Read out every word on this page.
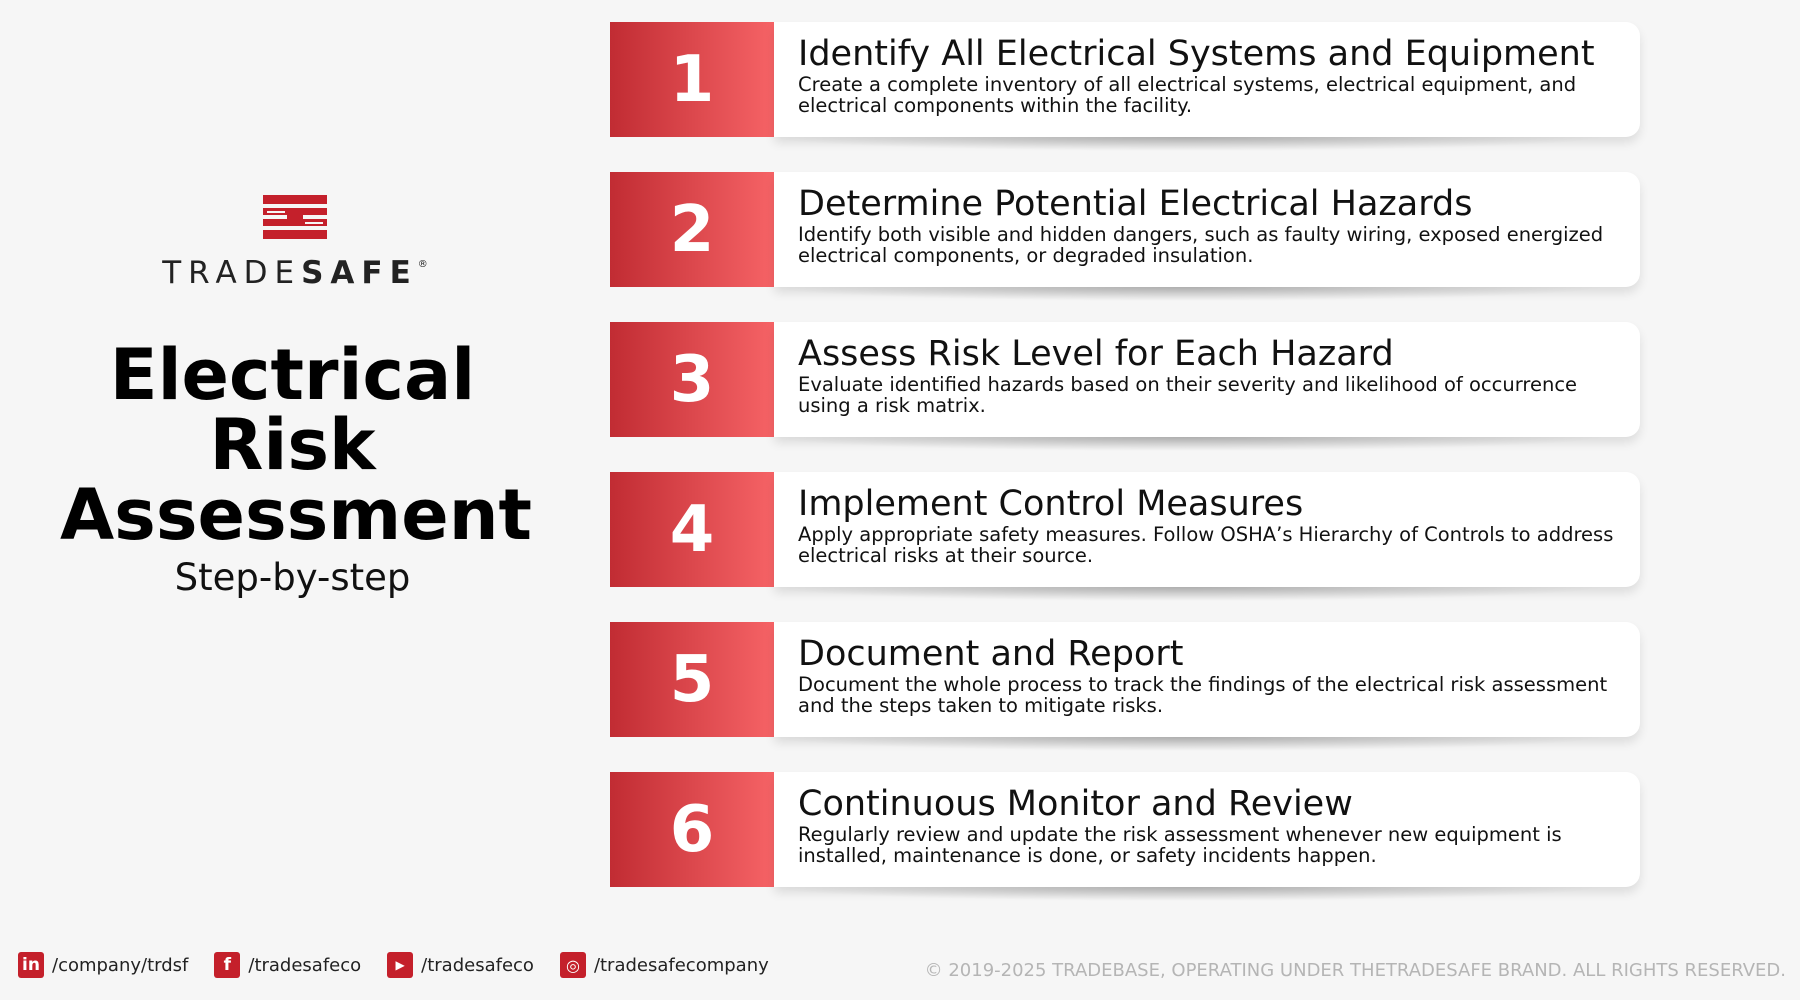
TRADESAFE®
Electrical
Risk
Assessment
Step-by-step
1	Identify All Electrical Systems and Equipment
Create a complete inventory of all electrical systems, electrical equipment, and electrical components within the facility.
2	Determine Potential Electrical Hazards
Identify both visible and hidden dangers, such as faulty wiring, exposed energized electrical components, or degraded insulation.
3	Assess Risk Level for Each Hazard
Evaluate identified hazards based on their severity and likelihood of occurrence using a risk matrix.
4	Implement Control Measures
Apply appropriate safety measures. Follow OSHA’s Hierarchy of Controls to address electrical risks at their source.
5	Document and Report
Document the whole process to track the findings of the electrical risk assessment and the steps taken to mitigate risks.
6	Continuous Monitor and Review
Regularly review and update the risk assessment whenever new equipment is installed, maintenance is done, or safety incidents happen.
in /company/trdsf	f /tradesafeco	▶ /tradesafeco	◎ /tradesafecompany	© 2019-2025 TRADEBASE, OPERATING UNDER THETRADESAFE BRAND. ALL RIGHTS RESERVED.
